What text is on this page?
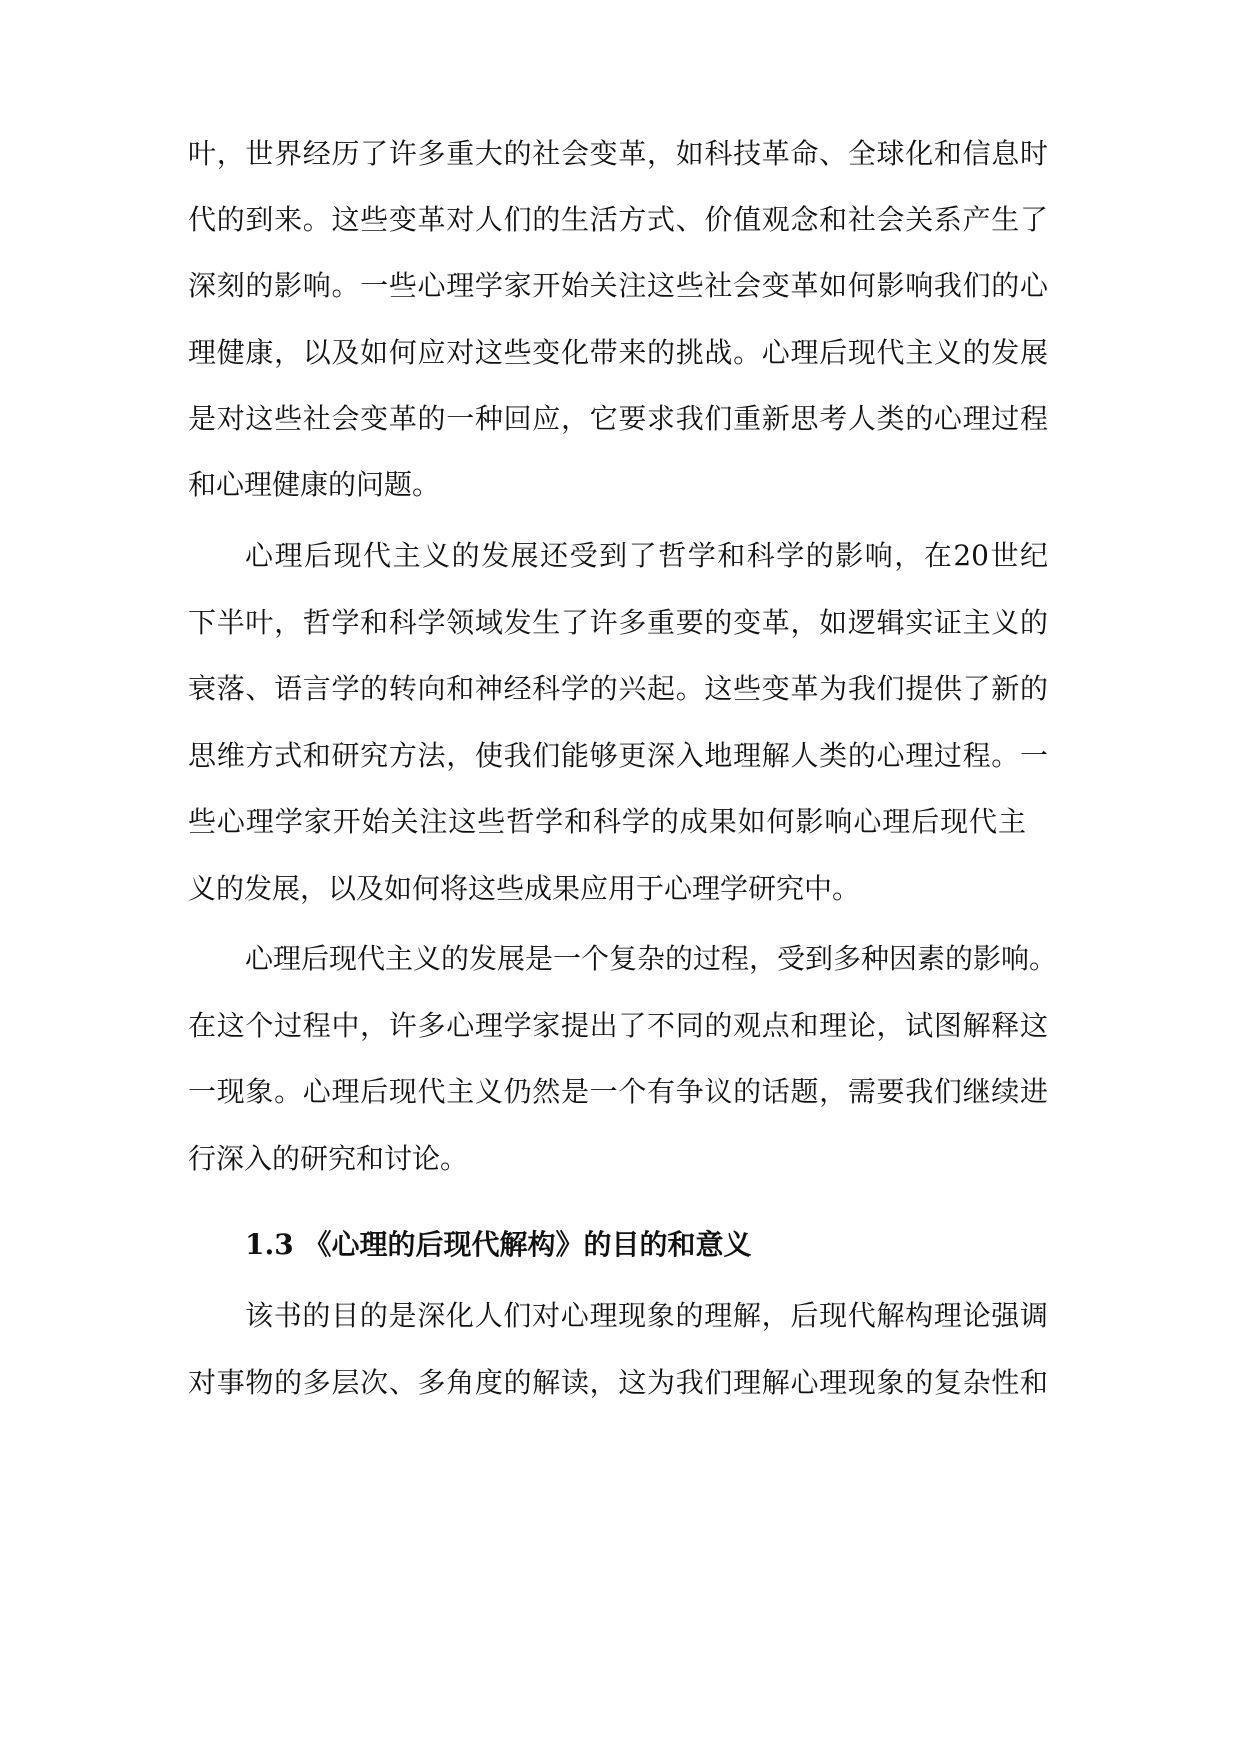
叶，世界经历了许多重大的社会变革，如科技革命、全球化和信息时
代的到来。这些变革对人们的生活方式、价值观念和社会关系产生了
深刻的影响。一些心理学家开始关注这些社会变革如何影响我们的心
理健康，以及如何应对这些变化带来的挑战。心理后现代主义的发展
是对这些社会变革的一种回应，它要求我们重新思考人类的心理过程
和心理健康的问题。
心理后现代主义的发展还受到了哲学和科学的影响，在20世纪
下半叶，哲学和科学领域发生了许多重要的变革，如逻辑实证主义的
衰落、语言学的转向和神经科学的兴起。这些变革为我们提供了新的
思维方式和研究方法，使我们能够更深入地理解人类的心理过程。一
些心理学家开始关注这些哲学和科学的成果如何影响心理后现代主
义的发展，以及如何将这些成果应用于心理学研究中。
心理后现代主义的发展是一个复杂的过程，受到多种因素的影响。
在这个过程中，许多心理学家提出了不同的观点和理论，试图解释这
一现象。心理后现代主义仍然是一个有争议的话题，需要我们继续进
行深入的研究和讨论。
1.3 《心理的后现代解构》的目的和意义
该书的目的是深化人们对心理现象的理解，后现代解构理论强调
对事物的多层次、多角度的解读，这为我们理解心理现象的复杂性和
